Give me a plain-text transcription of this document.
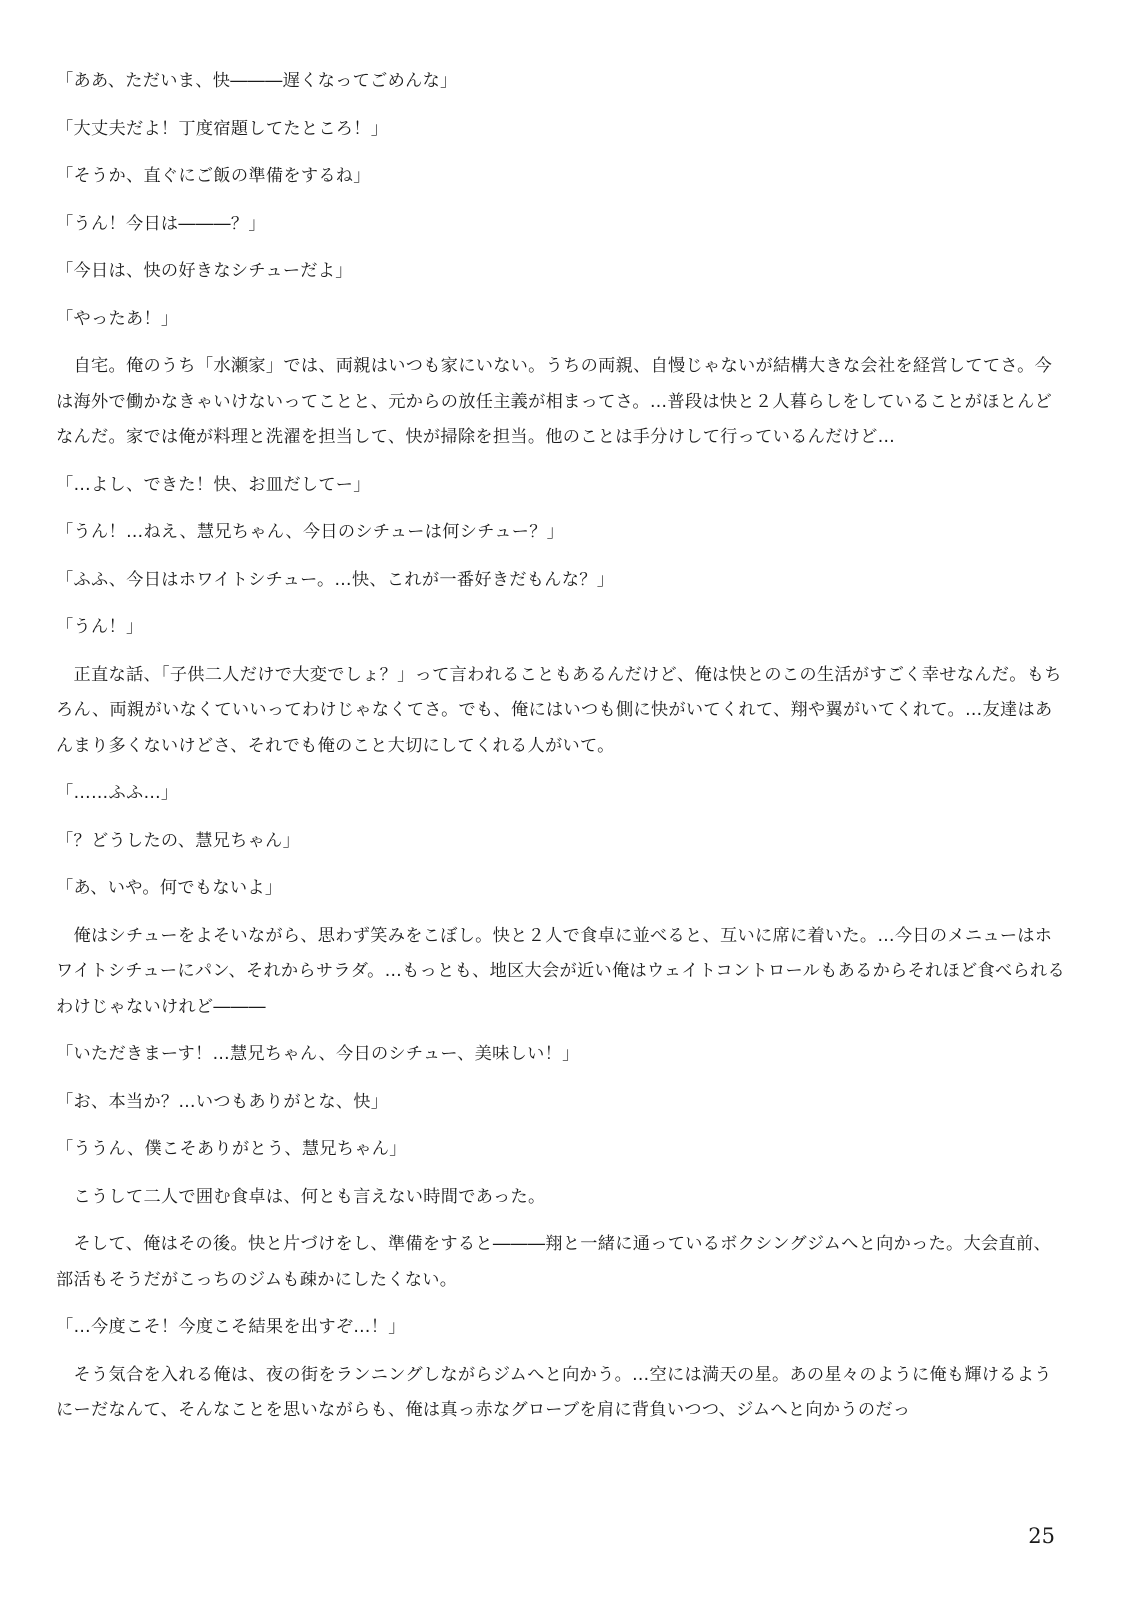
「ああ、ただいま、快―――遅くなってごめんな」

「大丈夫だよ！丁度宿題してたところ！」

「そうか、直ぐにご飯の準備をするね」

「うん！今日は―――？」

「今日は、快の好きなシチューだよ」

「やったあ！」

　自宅。俺のうち「水瀬家」では、両親はいつも家にいない。うちの両親、自慢じゃないが結構大きな会社を経営しててさ。今は海外で働かなきゃいけないってことと、元からの放任主義が相まってさ。…普段は快と２人暮らしをしていることがほとんどなんだ。家では俺が料理と洗濯を担当して、快が掃除を担当。他のことは手分けして行っているんだけど…

「…よし、できた！快、お皿だしてー」

「うん！…ねえ、慧兄ちゃん、今日のシチューは何シチュー？」

「ふふ、今日はホワイトシチュー。…快、これが一番好きだもんな？」

「うん！」

　正直な話、「子供二人だけで大変でしょ？」って言われることもあるんだけど、俺は快とのこの生活がすごく幸せなんだ。もちろん、両親がいなくていいってわけじゃなくてさ。でも、俺にはいつも側に快がいてくれて、翔や翼がいてくれて。…友達はあんまり多くないけどさ、それでも俺のこと大切にしてくれる人がいて。

「……ふふ…」

「？どうしたの、慧兄ちゃん」

「あ、いや。何でもないよ」

　俺はシチューをよそいながら、思わず笑みをこぼし。快と２人で食卓に並べると、互いに席に着いた。…今日のメニューはホワイトシチューにパン、それからサラダ。…もっとも、地区大会が近い俺はウェイトコントロールもあるからそれほど食べられるわけじゃないけれど―――

「いただきまーす！…慧兄ちゃん、今日のシチュー、美味しい！」

「お、本当か？…いつもありがとな、快」

「ううん、僕こそありがとう、慧兄ちゃん」

　こうして二人で囲む食卓は、何とも言えない時間であった。

　そして、俺はその後。快と片づけをし、準備をすると―――翔と一緒に通っているボクシングジムへと向かった。大会直前、部活もそうだがこっちのジムも疎かにしたくない。

「…今度こそ！今度こそ結果を出すぞ…！」

　そう気合を入れる俺は、夜の街をランニングしながらジムへと向かう。…空には満天の星。あの星々のように俺も輝けるようにーだなんて、そんなことを思いながらも、俺は真っ赤なグローブを肩に背負いつつ、ジムへと向かうのだっ

25
